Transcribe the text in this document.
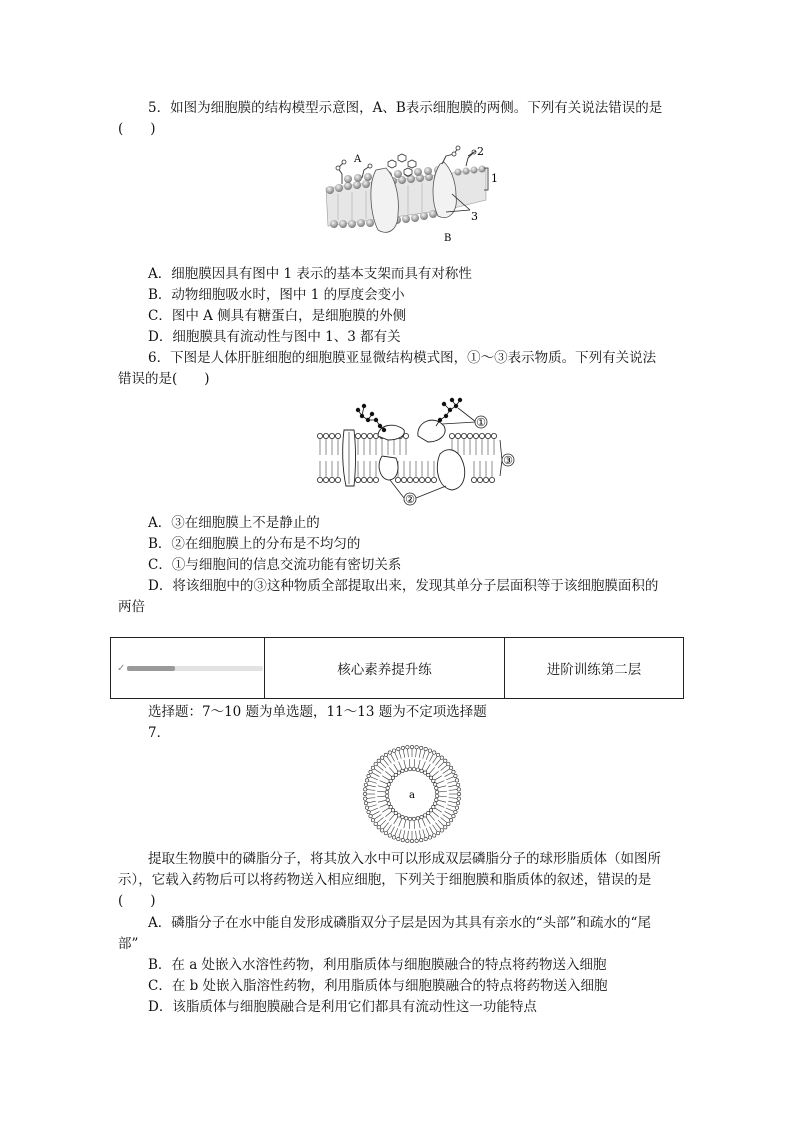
5．如图为细胞膜的结构模型示意图，A、B表示细胞膜的两侧。下列有关说法错误的是
(　　)
A
B
1
2
3
A．细胞膜因具有图中 1 表示的基本支架而具有对称性
B．动物细胞吸水时，图中 1 的厚度会变小
C．图中 A 侧具有糖蛋白，是细胞膜的外侧
D．细胞膜具有流动性与图中 1、3 都有关
6．下图是人体肝脏细胞的细胞膜亚显微结构模式图，①～③表示物质。下列有关说法
错误的是(　　)
①
③
②
A．③在细胞膜上不是静止的
B．②在细胞膜上的分布是不均匀的
C．①与细胞间的信息交流功能有密切关系
D．将该细胞中的③这种物质全部提取出来，发现其单分子层面积等于该细胞膜面积的
两倍
✓	核心素养提升练	进阶训练第二层
选择题：7～10 题为单选题，11～13 题为不定项选择题
7．
a
提取生物膜中的磷脂分子，将其放入水中可以形成双层磷脂分子的球形脂质体（如图所
示），它载入药物后可以将药物送入相应细胞，下列关于细胞膜和脂质体的叙述，错误的是
(　　)
A．磷脂分子在水中能自发形成磷脂双分子层是因为其具有亲水的“头部”和疏水的“尾
部”
B．在 a 处嵌入水溶性药物，利用脂质体与细胞膜融合的特点将药物送入细胞
C．在 b 处嵌入脂溶性药物，利用脂质体与细胞膜融合的特点将药物送入细胞
D．该脂质体与细胞膜融合是利用它们都具有流动性这一功能特点
